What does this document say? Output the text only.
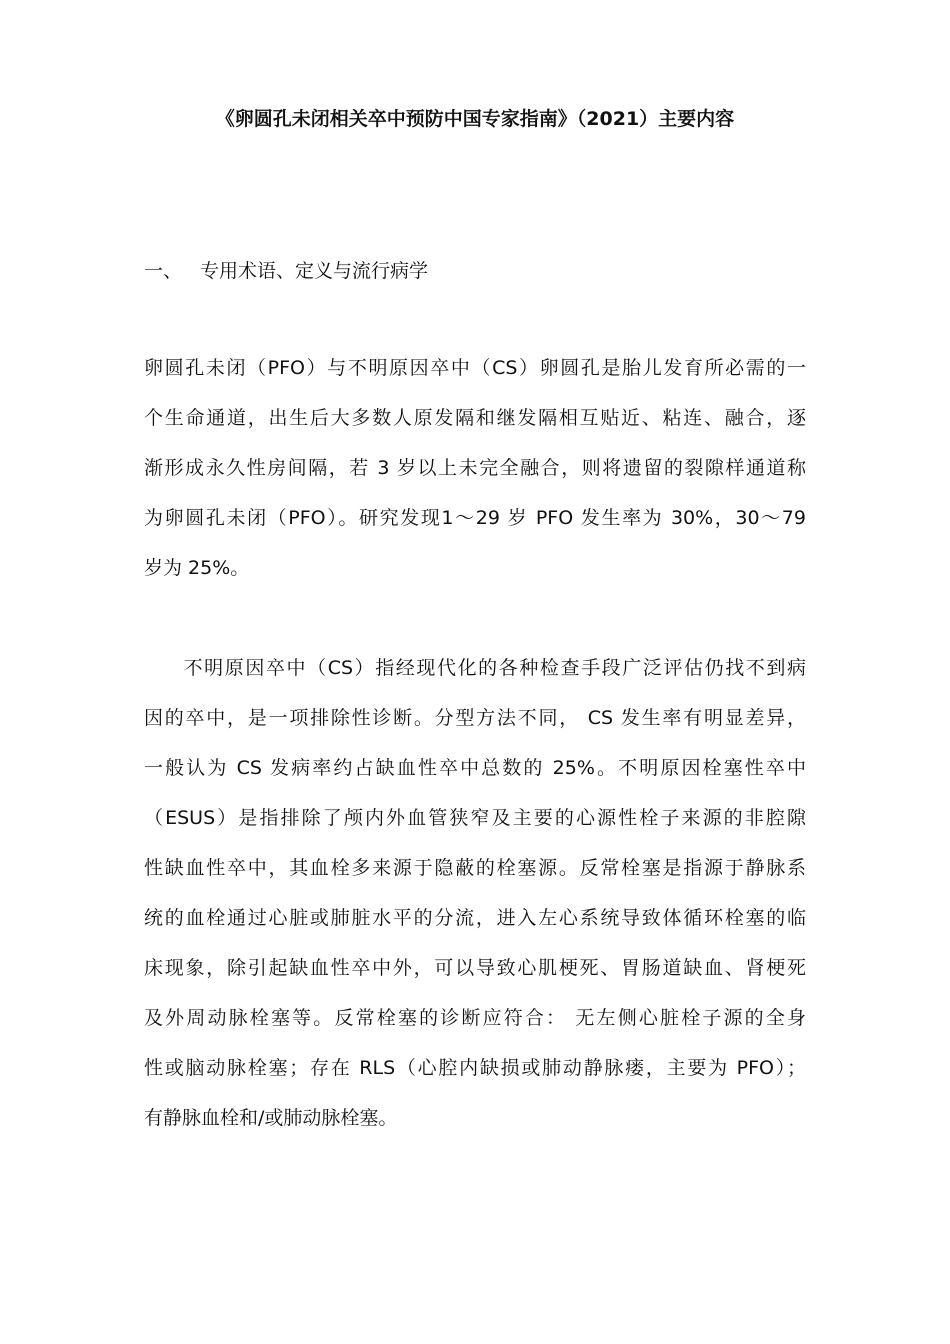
《卵圆孔未闭相关卒中预防中国专家指南》（2021）主要内容
一、 专用术语、定义与流行病学
卵圆孔未闭（PFO）与不明原因卒中（CS）卵圆孔是胎儿发育所必需的一
个生命通道，出生后大多数人原发隔和继发隔相互贴近、粘连、融合，逐
渐形成永久性房间隔，若 3 岁以上未完全融合，则将遗留的裂隙样通道称
为卵圆孔未闭（PFO）。研究发现1～29 岁 PFO 发生率为 30%，30～79
岁为 25%。
不明原因卒中（CS）指经现代化的各种检查手段广泛评估仍找不到病
因的卒中，是一项排除性诊断。分型方法不同， CS 发生率有明显差异，
一般认为 CS 发病率约占缺血性卒中总数的 25%。不明原因栓塞性卒中
（ESUS）是指排除了颅内外血管狭窄及主要的心源性栓子来源的非腔隙
性缺血性卒中，其血栓多来源于隐蔽的栓塞源。反常栓塞是指源于静脉系
统的血栓通过心脏或肺脏水平的分流，进入左心系统导致体循环栓塞的临
床现象，除引起缺血性卒中外，可以导致心肌梗死、胃肠道缺血、肾梗死
及外周动脉栓塞等。反常栓塞的诊断应符合： 无左侧心脏栓子源的全身
性或脑动脉栓塞；存在 RLS（心腔内缺损或肺动静脉瘘，主要为 PFO）；
有静脉血栓和/或肺动脉栓塞。
